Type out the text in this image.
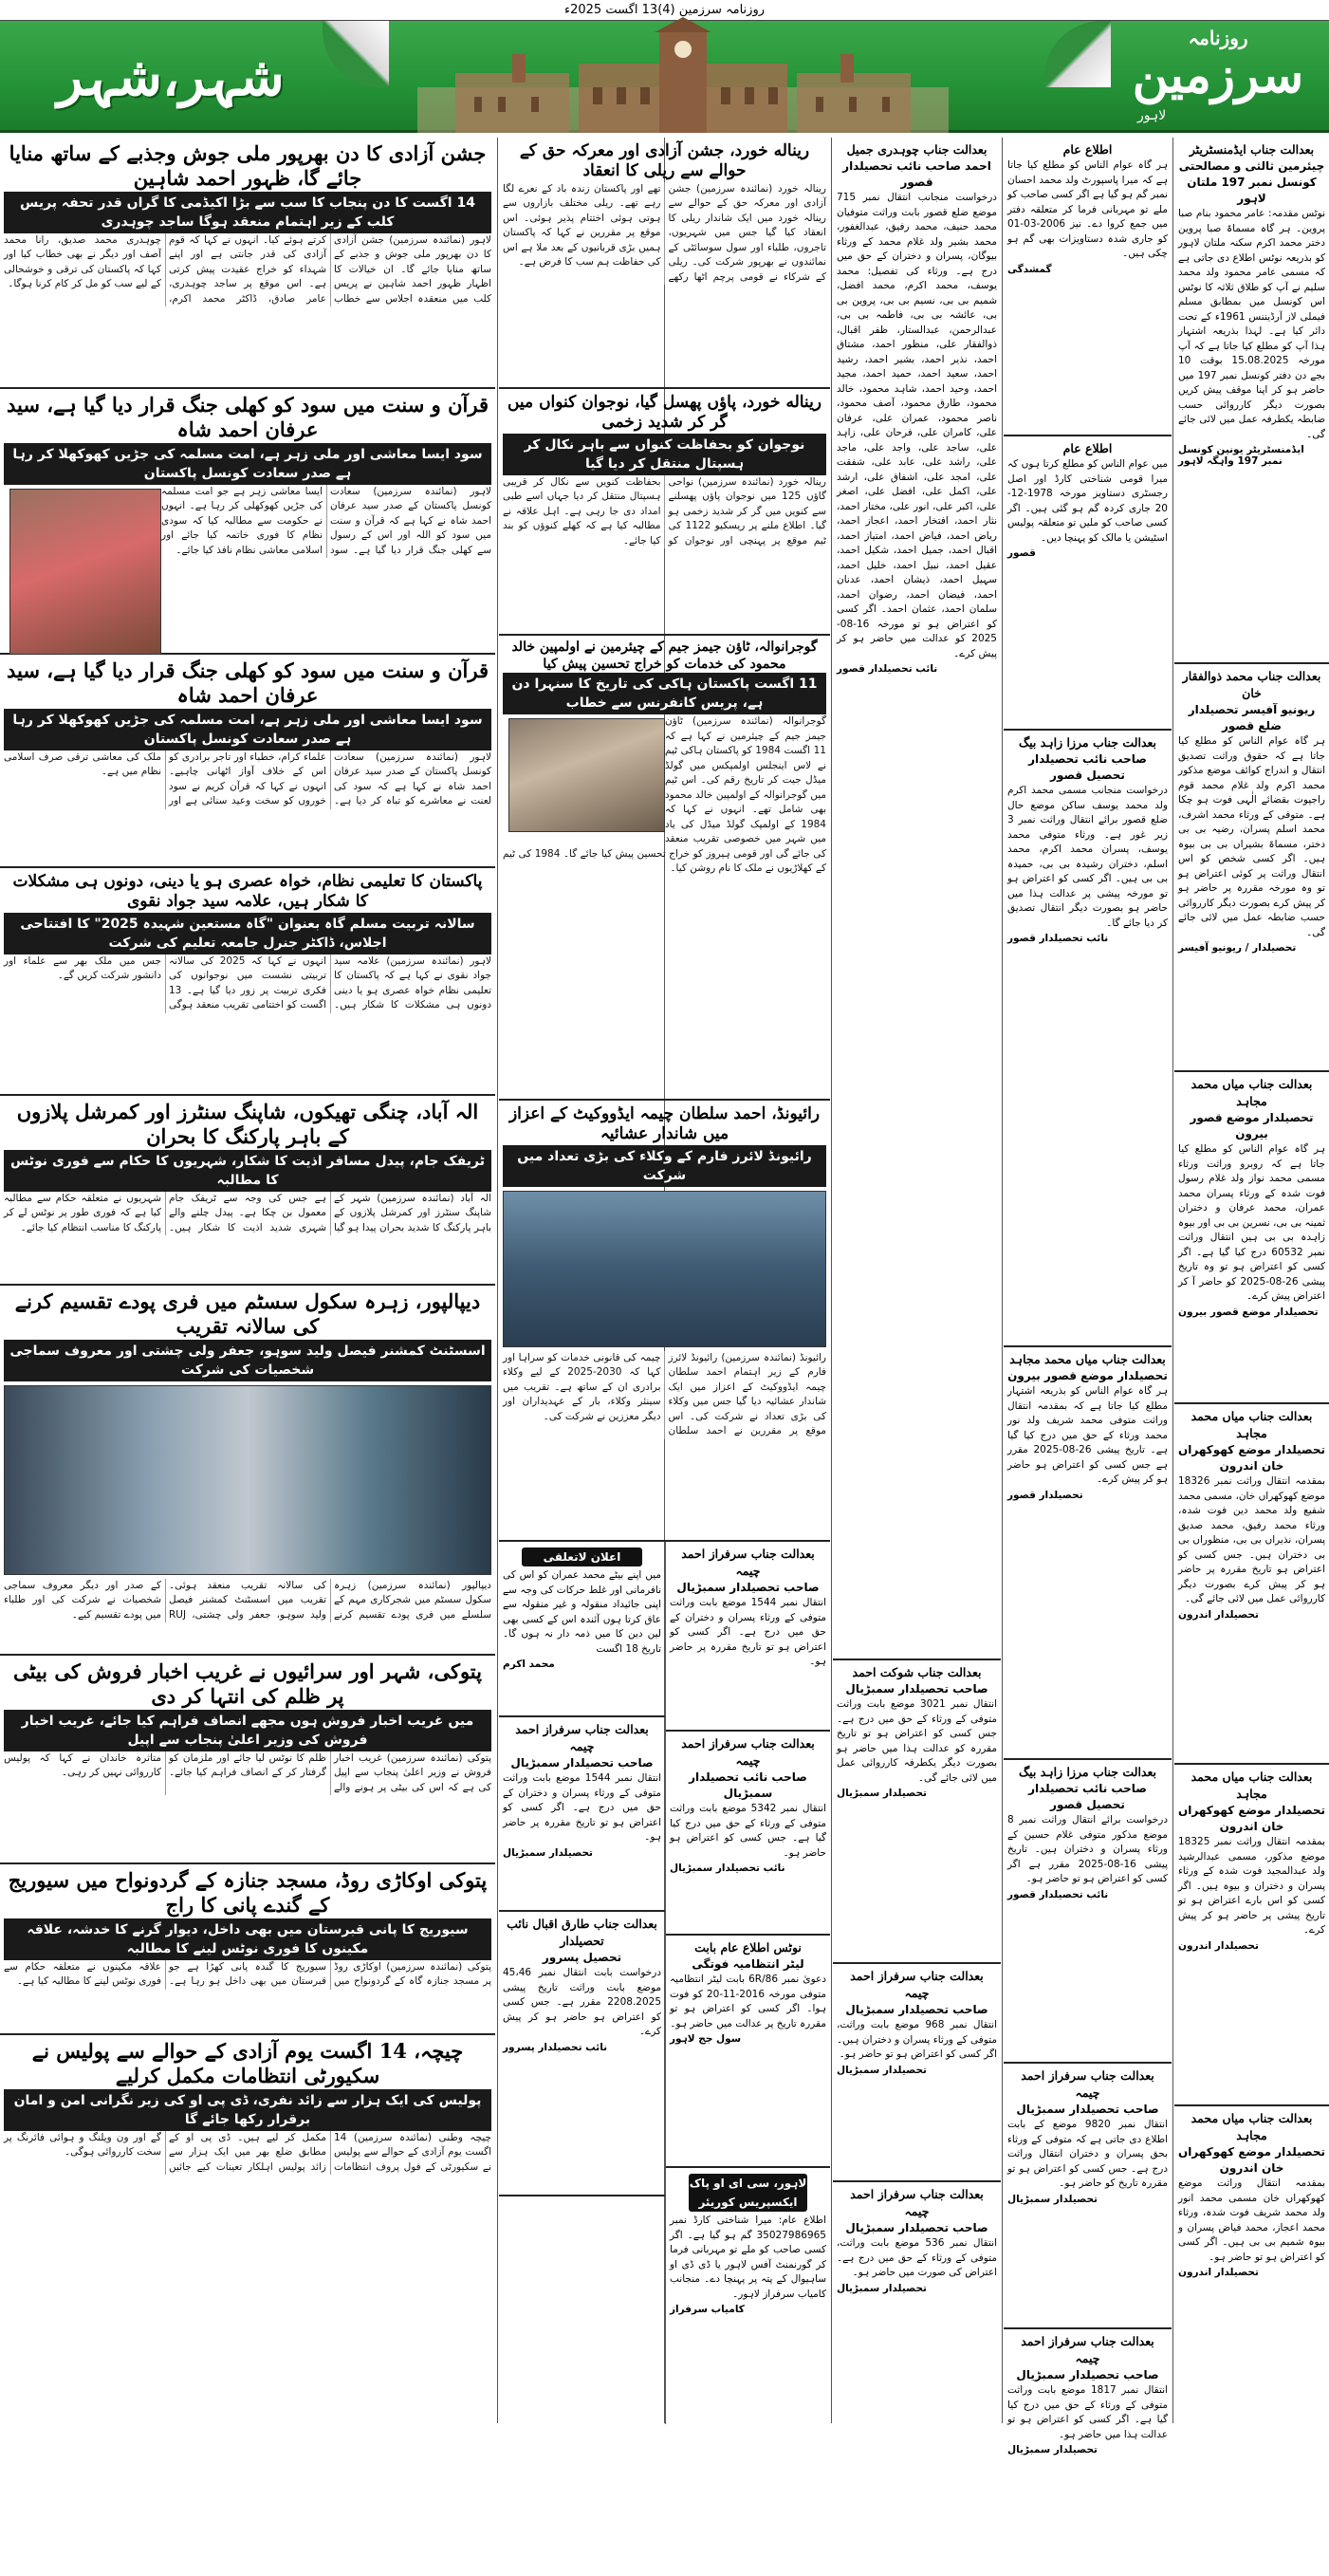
روزنامہ سرزمین (4)13 اگست 2025ء
روزنامہ
سرزمین
لاہور
شہر،شہر
بعدالت جناب ایڈمنسٹریٹر
چیئرمین ثالثی و مصالحتی کونسل نمبر 197 ملتان لاہور
نوٹس مقدمہ: عامر محمود بنام صبا پروین۔ ہر گاہ مسماۃ صبا پروین دختر محمد اکرم سکنہ ملتان لاہور کو بذریعہ نوٹس اطلاع دی جاتی ہے کہ مسمی عامر محمود ولد محمد سلیم نے آپ کو طلاق ثلاثہ کا نوٹس اس کونسل میں بمطابق مسلم فیملی لاز آرڈیننس 1961ء کے تحت دائر کیا ہے۔ لہذا بذریعہ اشتہار ہذا آپ کو مطلع کیا جاتا ہے کہ آپ مورخہ 15.08.2025 بوقت 10 بجے دن دفتر کونسل نمبر 197 میں حاضر ہو کر اپنا موقف پیش کریں بصورت دیگر کارروائی حسب ضابطہ یکطرفہ عمل میں لائی جائے گی۔
ایڈمنسٹریٹر یونین کونسل نمبر 197 واہگہ لاہور
بعدالت جناب محمد ذوالفقار خان
ریونیو آفیسر تحصیلدار ضلع قصور
ہر گاہ عوام الناس کو مطلع کیا جاتا ہے کہ حقوق وراثت تصدیق انتقال و اندراج کوائف موضع مذکور محمد اکرم ولد غلام محمد قوم راجپوت بقضائے الٰہی فوت ہو چکا ہے۔ متوفی کے ورثاء محمد اشرف، محمد اسلم پسران، رضیہ بی بی دختر، مسماۃ بشیراں بی بی بیوہ ہیں۔ اگر کسی شخص کو اس انتقال وراثت پر کوئی اعتراض ہو تو وہ مورخہ مقررہ پر حاضر ہو کر پیش کرے بصورت دیگر کارروائی حسب ضابطہ عمل میں لائی جائے گی۔
تحصیلدار / ریونیو آفیسر
بعدالت جناب میاں محمد مجاہد
تحصیلدار موضع قصور بیرون
ہر گاہ عوام الناس کو مطلع کیا جاتا ہے کہ روبرو وراثت ورثاء مسمی محمد نواز ولد غلام رسول فوت شدہ کے ورثاء پسران محمد عمران، محمد عرفان و دختران ثمینہ بی بی، نسرین بی بی اور بیوہ زاہدہ بی بی ہیں انتقال وراثت نمبر 60532 درج کیا گیا ہے۔ اگر کسی کو اعتراض ہو تو وہ تاریخ پیشی 26-08-2025 کو حاضر آ کر اعتراض پیش کرے۔
تحصیلدار موضع قصور بیرون
بعدالت جناب میاں محمد مجاہد
تحصیلدار موضع کھوکھراں خان اندرون
بمقدمہ انتقال وراثت نمبر 18326 موضع کھوکھراں خان، مسمی محمد شفیع ولد محمد دین فوت شدہ، ورثاء محمد رفیق، محمد صدیق پسران، نذیراں بی بی، منظوراں بی بی دختران ہیں۔ جس کسی کو اعتراض ہو تاریخ مقررہ پر حاضر ہو کر پیش کرے بصورت دیگر کارروائی عمل میں لائی جائے گی۔
تحصیلدار اندرون
بعدالت جناب میاں محمد مجاہد
تحصیلدار موضع کھوکھراں خان اندرون
بمقدمہ انتقال وراثت نمبر 18325 موضع مذکور، مسمی عبدالرشید ولد عبدالمجید فوت شدہ کے ورثاء پسران و دختران و بیوہ ہیں۔ اگر کسی کو اس بارے اعتراض ہو تو تاریخ پیشی پر حاضر ہو کر پیش کرے۔
تحصیلدار اندرون
بعدالت جناب میاں محمد مجاہد
تحصیلدار موضع کھوکھراں خان اندرون
بمقدمہ انتقال وراثت موضع کھوکھراں خان مسمی محمد انور ولد محمد شریف فوت شدہ، ورثاء محمد اعجاز، محمد فیاض پسران و بیوہ شمیم بی بی ہیں۔ اگر کسی کو اعتراض ہو تو حاضر ہو۔
تحصیلدار اندرون
اطلاع عام
ہر گاہ عوام الناس کو مطلع کیا جاتا ہے کہ میرا پاسپورٹ ولد محمد احسان نمبر گم ہو گیا ہے اگر کسی صاحب کو ملے تو مہربانی فرما کر متعلقہ دفتر میں جمع کروا دے۔ نیز 2006-03-01 کو جاری شدہ دستاویزات بھی گم ہو چکی ہیں۔
گمشدگی
اطلاع عام
میں عوام الناس کو مطلع کرتا ہوں کہ میرا قومی شناختی کارڈ اور اصل رجسٹری دستاویز مورخہ 1978-12-20 جاری کردہ گم ہو گئی ہیں۔ اگر کسی صاحب کو ملیں تو متعلقہ پولیس اسٹیشن یا مالک کو پہنچا دیں۔
قصور
بعدالت جناب مرزا زاہد بیگ
صاحب نائب تحصیلدار تحصیل قصور
درخواست منجانب مسمی محمد اکرم ولد محمد یوسف ساکن موضع حال ضلع قصور برائے انتقال وراثت نمبر 3 زیر غور ہے۔ ورثاء متوفی محمد یوسف، پسران محمد اکرم، محمد اسلم، دختران رشیدہ بی بی، حمیدہ بی بی ہیں۔ اگر کسی کو اعتراض ہو تو مورخہ پیشی پر عدالت ہذا میں حاضر ہو بصورت دیگر انتقال تصدیق کر دیا جائے گا۔
نائب تحصیلدار قصور
بعدالت جناب میاں محمد مجاہد
تحصیلدار موضع قصور بیرون
ہر گاہ عوام الناس کو بذریعہ اشتہار مطلع کیا جاتا ہے کہ بمقدمہ انتقال وراثت متوفی محمد شریف ولد نور محمد ورثاء کے حق میں درج کیا گیا ہے۔ تاریخ پیشی 26-08-2025 مقرر ہے جس کسی کو اعتراض ہو حاضر ہو کر پیش کرے۔
تحصیلدار قصور
بعدالت جناب مرزا زاہد بیگ
صاحب نائب تحصیلدار تحصیل قصور
درخواست برائے انتقال وراثت نمبر 8 موضع مذکور متوفی غلام حسین کے ورثاء پسران و دختران ہیں۔ تاریخ پیشی 16-08-2025 مقرر ہے اگر کسی کو اعتراض ہو تو حاضر ہو۔
نائب تحصیلدار قصور
بعدالت جناب سرفراز احمد چیمہ
صاحب تحصیلدار سمبڑیال
انتقال نمبر 9820 موضع کے بابت اطلاع دی جاتی ہے کہ متوفی کے ورثاء بحق پسران و دختران انتقال وراثت درج ہے۔ جس کسی کو اعتراض ہو تو مقررہ تاریخ کو حاضر ہو۔
تحصیلدار سمبڑیال
بعدالت جناب سرفراز احمد چیمہ
صاحب تحصیلدار سمبڑیال
انتقال نمبر 1817 موضع بابت وراثت متوفی کے ورثاء کے حق میں درج کیا گیا ہے۔ اگر کسی کو اعتراض ہو تو عدالت ہذا میں حاضر ہو۔
تحصیلدار سمبڑیال
بعدالت جناب چوہدری جمیل
احمد صاحب نائب تحصیلدار قصور
درخواست منجانب انتقال نمبر 715 موضع ضلع قصور بابت وراثت متوفیان محمد حنیف، محمد رفیق، عبدالغفور، محمد بشیر ولد غلام محمد کے ورثاء بیوگان، پسران و دختران کے حق میں درج ہے۔ ورثاء کی تفصیل: محمد یوسف، محمد اکرم، محمد افضل، شمیم بی بی، نسیم بی بی، پروین بی بی، عائشہ بی بی، فاطمہ بی بی، عبدالرحمن، عبدالستار، ظفر اقبال، ذوالفقار علی، منظور احمد، مشتاق احمد، نذیر احمد، بشیر احمد، رشید احمد، سعید احمد، حمید احمد، مجید احمد، وحید احمد، شاہد محمود، خالد محمود، طارق محمود، آصف محمود، ناصر محمود، عمران علی، عرفان علی، کامران علی، فرحان علی، زاہد علی، ساجد علی، واجد علی، ماجد علی، راشد علی، عابد علی، شفقت علی، امجد علی، اشفاق علی، ارشد علی، اکمل علی، افضل علی، اصغر علی، اکبر علی، انور علی، مختار احمد، نثار احمد، افتخار احمد، اعجاز احمد، ریاض احمد، فیاض احمد، امتیاز احمد، اقبال احمد، جمیل احمد، شکیل احمد، عقیل احمد، نبیل احمد، خلیل احمد، سہیل احمد، ذیشان احمد، عدنان احمد، فیضان احمد، رضوان احمد، سلمان احمد، عثمان احمد۔ اگر کسی کو اعتراض ہو تو مورخہ 16-08-2025 کو عدالت میں حاضر ہو کر پیش کرے۔
نائب تحصیلدار قصور
بعدالت جناب شوکت احمد
صاحب تحصیلدار سمبڑیال
انتقال نمبر 3021 موضع بابت وراثت متوفی کے ورثاء کے حق میں درج ہے۔ جس کسی کو اعتراض ہو تو تاریخ مقررہ کو عدالت ہذا میں حاضر ہو بصورت دیگر یکطرفہ کارروائی عمل میں لائی جائے گی۔
تحصیلدار سمبڑیال
بعدالت جناب سرفراز احمد چیمہ
صاحب تحصیلدار سمبڑیال
انتقال نمبر 968 موضع بابت وراثت، متوفی کے ورثاء پسران و دختران ہیں۔ اگر کسی کو اعتراض ہو تو حاضر ہو۔
تحصیلدار سمبڑیال
بعدالت جناب سرفراز احمد چیمہ
صاحب تحصیلدار سمبڑیال
انتقال نمبر 536 موضع بابت وراثت، متوفی کے ورثاء کے حق میں درج ہے۔ اعتراض کی صورت میں حاضر ہو۔
تحصیلدار سمبڑیال
ریناله خورد، جشن آزادی اور معرکہ حق کے حوالے سے ریلی کا انعقاد
رینالہ خورد (نمائندہ سرزمین) جشن آزادی اور معرکہ حق کے حوالے سے رینالہ خورد میں ایک شاندار ریلی کا انعقاد کیا گیا جس میں شہریوں، تاجروں، طلباء اور سول سوسائٹی کے نمائندوں نے بھرپور شرکت کی۔ ریلی کے شرکاء نے قومی پرچم اٹھا رکھے تھے اور پاکستان زندہ باد کے نعرے لگا رہے تھے۔ ریلی مختلف بازاروں سے ہوتی ہوئی اختتام پذیر ہوئی۔ اس موقع پر مقررین نے کہا کہ پاکستان ہمیں بڑی قربانیوں کے بعد ملا ہے اس کی حفاظت ہم سب کا فرض ہے۔
ریناله خورد، پاؤں پھسل گیا، نوجوان کنواں میں گر کر شدید زخمی
نوجوان کو بحفاظت کنواں سے باہر نکال کر ہسپتال منتقل کر دیا گیا
رینالہ خورد (نمائندہ سرزمین) نواحی گاؤں 125 میں نوجوان پاؤں پھسلنے سے کنویں میں گر کر شدید زخمی ہو گیا۔ اطلاع ملنے پر ریسکیو 1122 کی ٹیم موقع پر پہنچی اور نوجوان کو بحفاظت کنویں سے نکال کر قریبی ہسپتال منتقل کر دیا جہاں اسے طبی امداد دی جا رہی ہے۔ اہل علاقہ نے مطالبہ کیا ہے کہ کھلے کنوؤں کو بند کیا جائے۔
گوجرانوالہ، ٹاؤن جیمز جیم کے چیئرمین نے اولمپین خالد محمود کی خدمات کو خراج تحسین پیش کیا
11 اگست پاکستان ہاکی کی تاریخ کا سنہرا دن ہے، پریس کانفرنس سے خطاب
گوجرانوالہ (نمائندہ سرزمین) ٹاؤن جیمز جیم کے چیئرمین نے کہا ہے کہ 11 اگست 1984 کو پاکستان ہاکی ٹیم نے لاس اینجلس اولمپکس میں گولڈ میڈل جیت کر تاریخ رقم کی۔ اس ٹیم میں گوجرانوالہ کے اولمپین خالد محمود بھی شامل تھے۔ انہوں نے کہا کہ 1984 کے اولمپک گولڈ میڈل کی یاد میں شہر میں خصوصی تقریب منعقد کی جائے گی اور قومی ہیروز کو خراج تحسین پیش کیا جائے گا۔ 1984 کی ٹیم کے کھلاڑیوں نے ملک کا نام روشن کیا۔
رائیونڈ، احمد سلطان چیمہ ایڈووکیٹ کے اعزاز میں شاندار عشائیہ
رائیونڈ لائرز فارم کے وکلاء کی بڑی تعداد میں شرکت
رائیونڈ (نمائندہ سرزمین) رائیونڈ لائرز فارم کے زیر اہتمام احمد سلطان چیمہ ایڈووکیٹ کے اعزاز میں ایک شاندار عشائیہ دیا گیا جس میں وکلاء کی بڑی تعداد نے شرکت کی۔ اس موقع پر مقررین نے احمد سلطان چیمہ کی قانونی خدمات کو سراہا اور کہا کہ 2030-2025 کے لیے وکلاء برادری ان کے ساتھ ہے۔ تقریب میں سینئر وکلاء، بار کے عہدیداران اور دیگر معززین نے شرکت کی۔
بعدالت جناب سرفراز احمد چیمہ
صاحب تحصیلدار سمبڑیال
انتقال نمبر 1544 موضع بابت وراثت متوفی کے ورثاء پسران و دختران کے حق میں درج ہے۔ اگر کسی کو اعتراض ہو تو تاریخ مقررہ پر حاضر ہو۔
بعدالت جناب سرفراز احمد چیمہ
صاحب نائب تحصیلدار سمبڑیال
انتقال نمبر 5342 موضع بابت وراثت متوفی کے ورثاء کے حق میں درج کیا گیا ہے۔ جس کسی کو اعتراض ہو حاضر ہو۔
نائب تحصیلدار سمبڑیال
نوٹس اطلاع عام بابت
لیٹر انتظامیہ فوتگی
دعویٰ نمبر 6R/86 بابت لیٹر انتظامیہ متوفی مورخہ 2016-11-20 کو فوت ہوا۔ اگر کسی کو اعتراض ہو تو مقررہ تاریخ پر عدالت میں حاضر ہو۔
سول جج لاہور
لاہور، سی ای او پاک ایکسپریس کوریئر
اطلاع عام: میرا شناختی کارڈ نمبر 35027986965 گم ہو گیا ہے۔ اگر کسی صاحب کو ملے تو مہربانی فرما کر گورنمنٹ آفس لاہور یا ڈی ڈی او ساہیوال کے پتہ پر پہنچا دے۔ منجانب کامیاب سرفراز لاہور۔
کامیاب سرفراز
اعلان لاتعلقی
میں اپنے بیٹے محمد عمران کو اس کی نافرمانی اور غلط حرکات کی وجہ سے اپنی جائیداد منقولہ و غیر منقولہ سے عاق کرتا ہوں آئندہ اس کے کسی بھی لین دین کا میں ذمہ دار نہ ہوں گا۔ تاریخ 18 اگست
محمد اکرم
بعدالت جناب سرفراز احمد چیمہ
صاحب تحصیلدار سمبڑیال
انتقال نمبر 1544 موضع بابت وراثت متوفی کے ورثاء پسران و دختران کے حق میں درج ہے۔ اگر کسی کو اعتراض ہو تو تاریخ مقررہ پر حاضر ہو۔
تحصیلدار سمبڑیال
بعدالت جناب طارق اقبال نائب تحصیلدار
تحصیل پسرور
درخواست بابت انتقال نمبر 45،46 موضع بابت وراثت تاریخ پیشی 2208.2025 مقرر ہے۔ جس کسی کو اعتراض ہو حاضر ہو کر پیش کرے۔
نائب تحصیلدار پسرور
جشن آزادی کا دن بھرپور ملی جوش وجذبے کے ساتھ منایا جائے گا، ظہور احمد شاہین
14 اگست کا دن پنجاب کا سب سے بڑا اکیڈمی کا گراں قدر تحفہ پریس کلب کے زیر اہتمام منعقد ہوگا ساجد چوہدری
لاہور (نمائندہ سرزمین) جشن آزادی کا دن بھرپور ملی جوش و جذبے کے ساتھ منایا جائے گا۔ ان خیالات کا اظہار ظہور احمد شاہین نے پریس کلب میں منعقدہ اجلاس سے خطاب کرتے ہوئے کیا۔ انہوں نے کہا کہ قوم آزادی کی قدر جانتی ہے اور اپنے شہداء کو خراج عقیدت پیش کرتی ہے۔ اس موقع پر ساجد چوہدری، عامر صادق، ڈاکٹر محمد اکرم، چوہدری محمد صدیق، رانا محمد آصف اور دیگر نے بھی خطاب کیا اور کہا کہ پاکستان کی ترقی و خوشحالی کے لیے سب کو مل کر کام کرنا ہوگا۔
قرآن و سنت میں سود کو کھلی جنگ قرار دیا گیا ہے، سید عرفان احمد شاہ
سود ایسا معاشی اور ملی زہر ہے، امت مسلمہ کی جڑیں کھوکھلا کر رہا ہے صدر سعادت کونسل پاکستان
لاہور (نمائندہ سرزمین) سعادت کونسل پاکستان کے صدر سید عرفان احمد شاہ نے کہا ہے کہ قرآن و سنت میں سود کو اللہ اور اس کے رسول سے کھلی جنگ قرار دیا گیا ہے۔ سود ایسا معاشی زہر ہے جو امت مسلمہ کی جڑیں کھوکھلی کر رہا ہے۔ انہوں نے حکومت سے مطالبہ کیا کہ سودی نظام کا فوری خاتمہ کیا جائے اور اسلامی معاشی نظام نافذ کیا جائے۔
قرآن و سنت میں سود کو کھلی جنگ قرار دیا گیا ہے، سید عرفان احمد شاہ
سود ایسا معاشی اور ملی زہر ہے، امت مسلمہ کی جڑیں کھوکھلا کر رہا ہے صدر سعادت کونسل پاکستان
لاہور (نمائندہ سرزمین) سعادت کونسل پاکستان کے صدر سید عرفان احمد شاہ نے کہا ہے کہ سود کی لعنت نے معاشرے کو تباہ کر دیا ہے۔ علماء کرام، خطباء اور تاجر برادری کو اس کے خلاف آواز اٹھانی چاہیے۔ انہوں نے کہا کہ قرآن کریم نے سود خوروں کو سخت وعید سنائی ہے اور ملک کی معاشی ترقی صرف اسلامی نظام میں ہے۔
پاکستان کا تعلیمی نظام، خواہ عصری ہو یا دینی، دونوں ہی مشکلات کا شکار ہیں، علامہ سید جواد نقوی
سالانہ تربیت مسلم گاہ بعنوان "گاہ مستعین شہیدہ 2025" کا افتتاحی اجلاس، ڈاکٹر جنرل جامعہ تعلیم کی شرکت
لاہور (نمائندہ سرزمین) علامہ سید جواد نقوی نے کہا ہے کہ پاکستان کا تعلیمی نظام خواہ عصری ہو یا دینی دونوں ہی مشکلات کا شکار ہیں۔ انہوں نے کہا کہ 2025 کی سالانہ تربیتی نشست میں نوجوانوں کی فکری تربیت پر زور دیا گیا ہے۔ 13 اگست کو اختتامی تقریب منعقد ہوگی جس میں ملک بھر سے علماء اور دانشور شرکت کریں گے۔
الہ آباد، چنگی تھیکوں، شاپنگ سنٹرز اور کمرشل پلازوں کے باہر پارکنگ کا بحران
ٹریفک جام، پیدل مسافر اذیت کا شکار، شہریوں کا حکام سے فوری نوٹس کا مطالبہ
الہ آباد (نمائندہ سرزمین) شہر کے شاپنگ سنٹرز اور کمرشل پلازوں کے باہر پارکنگ کا شدید بحران پیدا ہو گیا ہے جس کی وجہ سے ٹریفک جام معمول بن چکا ہے۔ پیدل چلنے والے شہری شدید اذیت کا شکار ہیں۔ شہریوں نے متعلقہ حکام سے مطالبہ کیا ہے کہ فوری طور پر نوٹس لے کر پارکنگ کا مناسب انتظام کیا جائے۔
دیپالپور، زہرہ سکول سسٹم میں فری پودے تقسیم کرنے کی سالانہ تقریب
اسسٹنٹ کمشنر فیصل ولید سوہو، جعفر ولی چشتی اور معروف سماجی شخصیات کی شرکت
دیپالپور (نمائندہ سرزمین) زہرہ سکول سسٹم میں شجرکاری مہم کے سلسلے میں فری پودے تقسیم کرنے کی سالانہ تقریب منعقد ہوئی۔ تقریب میں اسسٹنٹ کمشنر فیصل ولید سوہو، جعفر ولی چشتی، RUJ کے صدر اور دیگر معروف سماجی شخصیات نے شرکت کی اور طلباء میں پودے تقسیم کیے۔
پتوکی، شہر اور سرائیوں نے غریب اخبار فروش کی بیٹی پر ظلم کی انتہا کر دی
میں غریب اخبار فروش ہوں مجھے انصاف فراہم کیا جائے، غریب اخبار فروش کی وزیر اعلیٰ پنجاب سے اپیل
پتوکی (نمائندہ سرزمین) غریب اخبار فروش نے وزیر اعلیٰ پنجاب سے اپیل کی ہے کہ اس کی بیٹی پر ہونے والے ظلم کا نوٹس لیا جائے اور ملزمان کو گرفتار کر کے انصاف فراہم کیا جائے۔ متاثرہ خاندان نے کہا کہ پولیس کارروائی نہیں کر رہی۔
پتوکی اوکاڑی روڈ، مسجد جنازہ کے گردونواح میں سیوریج کے گندے پانی کا راج
سیوریج کا پانی قبرستان میں بھی داخل، دیوار گرنے کا خدشہ، علاقہ مکینوں کا فوری نوٹس لینے کا مطالبہ
پتوکی (نمائندہ سرزمین) اوکاڑی روڈ پر مسجد جنازہ گاہ کے گردونواح میں سیوریج کا گندہ پانی کھڑا ہے جو قبرستان میں بھی داخل ہو رہا ہے۔ علاقہ مکینوں نے متعلقہ حکام سے فوری نوٹس لینے کا مطالبہ کیا ہے۔
چیچہ، 14 اگست یوم آزادی کے حوالے سے پولیس نے سکیورٹی انتظامات مکمل کرلیے
پولیس کی ایک ہزار سے زائد نفری، ڈی پی او کی زیر نگرانی امن و امان برقرار رکھا جائے گا
چیچہ وطنی (نمائندہ سرزمین) 14 اگست یوم آزادی کے حوالے سے پولیس نے سکیورٹی کے فول پروف انتظامات مکمل کر لیے ہیں۔ ڈی پی او کے مطابق ضلع بھر میں ایک ہزار سے زائد پولیس اہلکار تعینات کیے جائیں گے اور ون ویلنگ و ہوائی فائرنگ پر سخت کارروائی ہوگی۔
